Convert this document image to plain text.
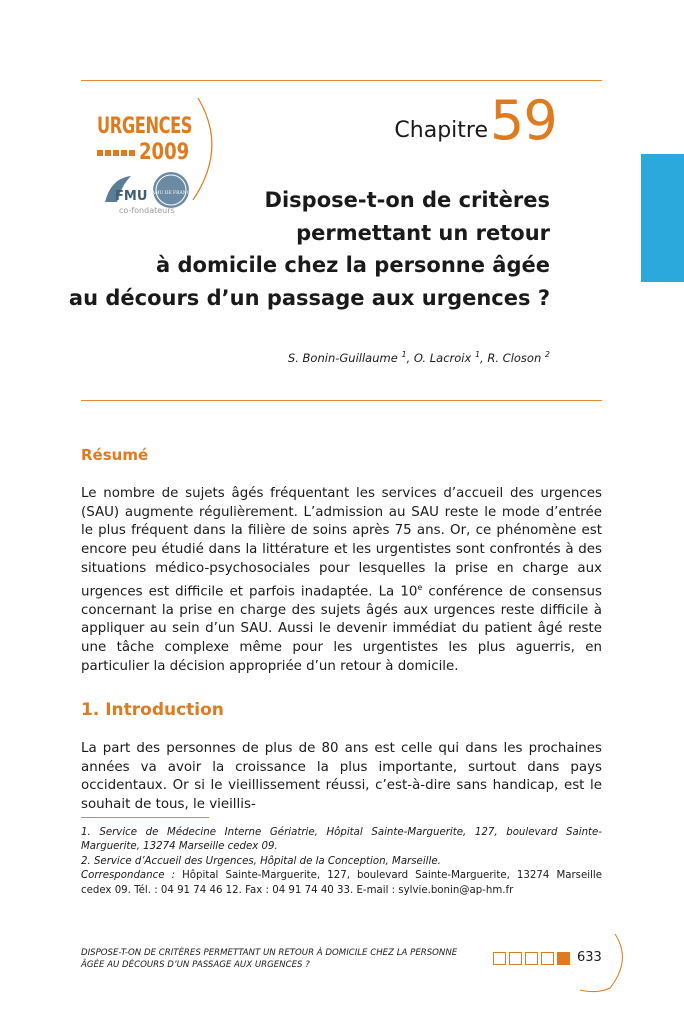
URGENCES
2009
FMU SAMU DE FRANCE
co-fondateurs
Chapitre 59
Dispose-t-on de critères
permettant un retour
à domicile chez la personne âgée
au décours d’un passage aux urgences ?
S. Bonin-Guillaume $^1$, O. Lacroix $^1$, R. Closon $^2$
Résumé
Le nombre de sujets âgés fréquentant les services d’accueil des urgences (SAU) augmente régulièrement. L’admission au SAU reste le mode d’entrée le plus fréquent dans la filière de soins après 75 ans. Or, ce phénomène est encore peu étudié dans la littérature et les urgentistes sont confrontés à des situations médico-psychosociales pour lesquelles la prise en charge aux urgences est difficile et parfois inadaptée. La 10e conférence de consensus concernant la prise en charge des sujets âgés aux urgences reste difficile à appliquer au sein d’un SAU. Aussi le devenir immédiat du patient âgé reste une tâche complexe même pour les urgentistes les plus aguerris, en particulier la décision appropriée d’un retour à domicile.
1. Introduction
La part des personnes de plus de 80 ans est celle qui dans les prochaines années va avoir la croissance la plus importante, surtout dans pays occidentaux. Or si le vieillissement réussi, c’est-à-dire sans handicap, est le souhait de tous, le vieillis-
1. Service de Médecine Interne Gériatrie, Hôpital Sainte-Marguerite, 127, boulevard Sainte-Marguerite, 13274 Marseille cedex 09.
2. Service d’Accueil des Urgences, Hôpital de la Conception, Marseille.
Correspondance : Hôpital Sainte-Marguerite, 127, boulevard Sainte-Marguerite, 13274 Marseille cedex 09. Tél. : 04 91 74 46 12. Fax : 04 91 74 40 33. E-mail : sylvie.bonin@ap-hm.fr
DISPOSE-T-ON DE CRITÈRES PERMETTANT UN RETOUR À DOMICILE CHEZ LA PERSONNE ÂGÉE AU DÉCOURS D’UN PASSAGE AUX URGENCES ?	633
